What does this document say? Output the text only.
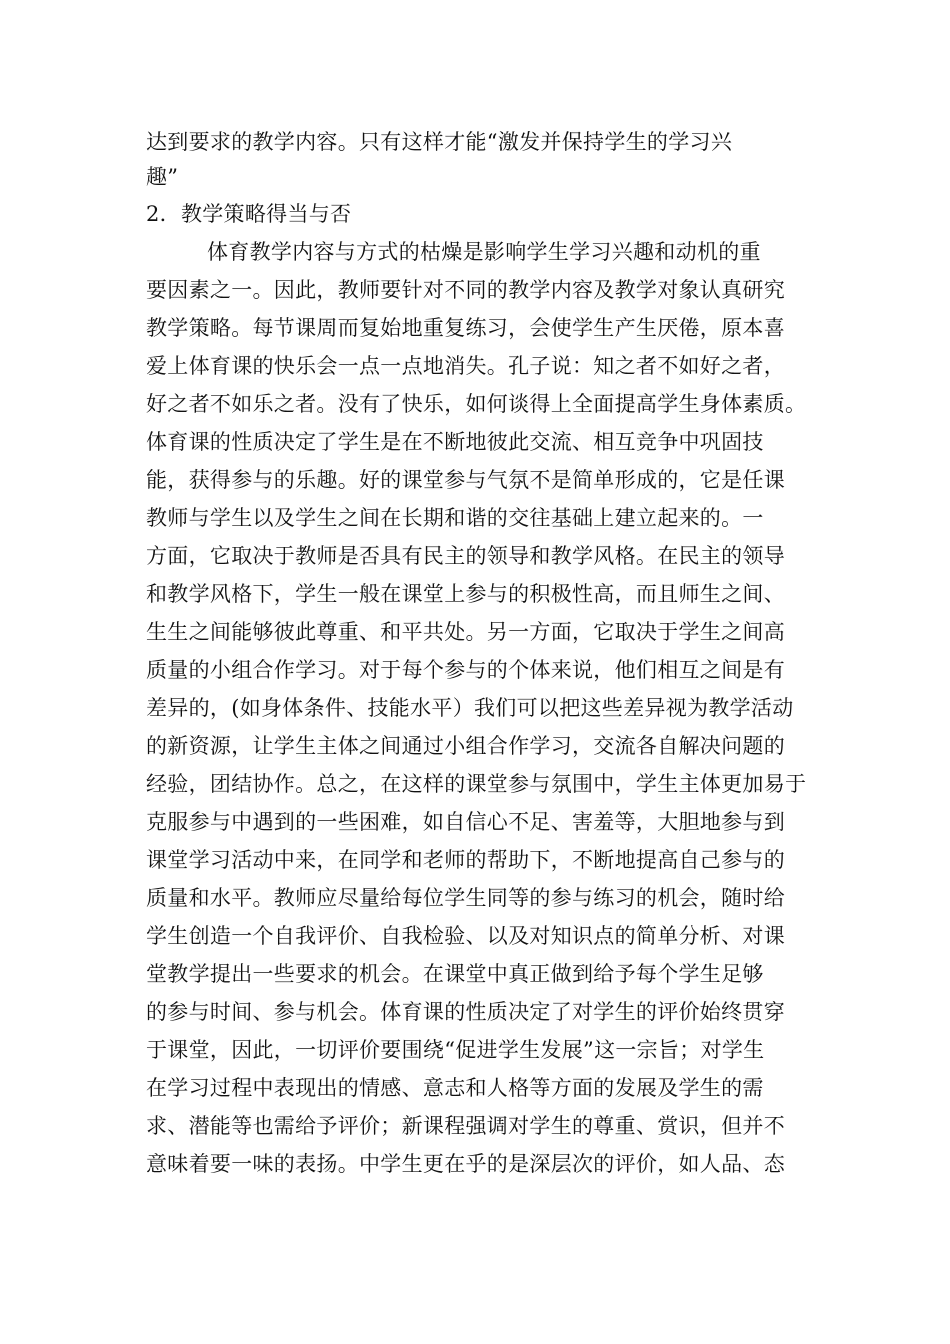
达到要求的教学内容。只有这样才能“激发并保持学生的学习兴
趣”
2．教学策略得当与否
体育教学内容与方式的枯燥是影响学生学习兴趣和动机的重
要因素之一。因此，教师要针对不同的教学内容及教学对象认真研究
教学策略。每节课周而复始地重复练习，会使学生产生厌倦，原本喜
爱上体育课的快乐会一点一点地消失。孔子说：知之者不如好之者，
好之者不如乐之者。没有了快乐，如何谈得上全面提高学生身体素质。
体育课的性质决定了学生是在不断地彼此交流、相互竞争中巩固技
能，获得参与的乐趣。好的课堂参与气氛不是简单形成的，它是任课
教师与学生以及学生之间在长期和谐的交往基础上建立起来的。一
方面，它取决于教师是否具有民主的领导和教学风格。在民主的领导
和教学风格下，学生一般在课堂上参与的积极性高，而且师生之间、
生生之间能够彼此尊重、和平共处。另一方面，它取决于学生之间高
质量的小组合作学习。对于每个参与的个体来说，他们相互之间是有
差异的，(如身体条件、技能水平）我们可以把这些差异视为教学活动
的新资源，让学生主体之间通过小组合作学习，交流各自解决问题的
经验，团结协作。总之，在这样的课堂参与氛围中，学生主体更加易于
克服参与中遇到的一些困难，如自信心不足、害羞等，大胆地参与到
课堂学习活动中来，在同学和老师的帮助下，不断地提高自己参与的
质量和水平。教师应尽量给每位学生同等的参与练习的机会，随时给
学生创造一个自我评价、自我检验、以及对知识点的简单分析、对课
堂教学提出一些要求的机会。在课堂中真正做到给予每个学生足够
的参与时间、参与机会。体育课的性质决定了对学生的评价始终贯穿
于课堂，因此，一切评价要围绕“促进学生发展”这一宗旨；对学生
在学习过程中表现出的情感、意志和人格等方面的发展及学生的需
求、潜能等也需给予评价；新课程强调对学生的尊重、赏识，但并不
意味着要一味的表扬。中学生更在乎的是深层次的评价，如人品、态
